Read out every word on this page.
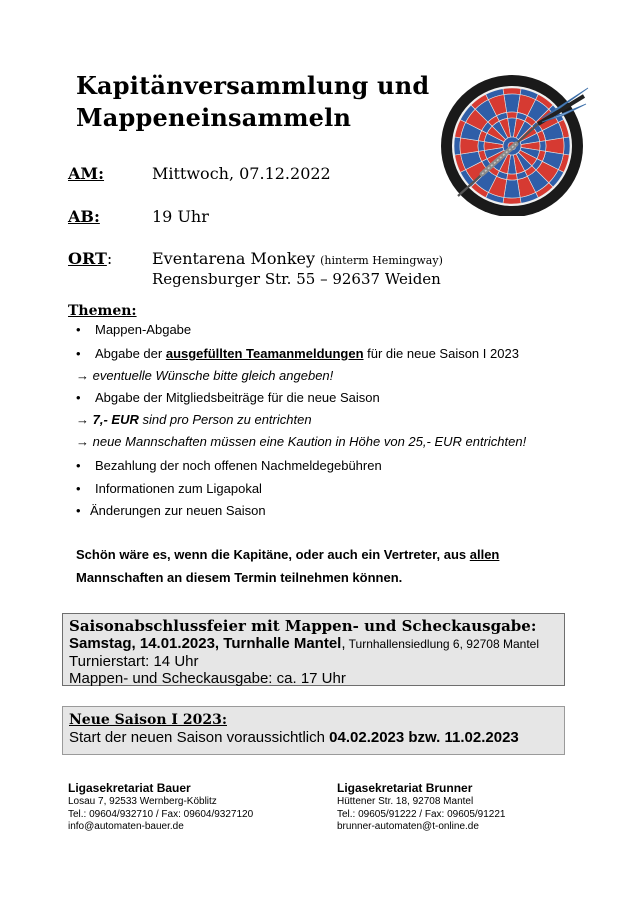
Kapitänversammlung und
Mappeneinsammeln
AM:	Mittwoch, 07.12.2022
AB:	19 Uhr
ORT: Eventarena Monkey (hinterm Hemingway)
Regensburger Str. 55 – 92637 Weiden
Themen:
• Mappen-Abgabe
• Abgabe der ausgefüllten Teamanmeldungen für die neue Saison I 2023
→ eventuelle Wünsche bitte gleich angeben!
• Abgabe der Mitgliedsbeiträge für die neue Saison
→ 7,- EUR sind pro Person zu entrichten
→ neue Mannschaften müssen eine Kaution in Höhe von 25,- EUR entrichten!
• Bezahlung der noch offenen Nachmeldegebühren
• Informationen zum Ligapokal
• Änderungen zur neuen Saison
Schön wäre es, wenn die Kapitäne, oder auch ein Vertreter, aus allen
Mannschaften an diesem Termin teilnehmen können.
Saisonabschlussfeier mit Mappen- und Scheckausgabe:
Samstag, 14.01.2023, Turnhalle Mantel, Turnhallensiedlung 6, 92708 Mantel
Turnierstart: 14 Uhr
Mappen- und Scheckausgabe: ca. 17 Uhr
Neue Saison I 2023:
Start der neuen Saison voraussichtlich 04.02.2023 bzw. 11.02.2023
Ligasekretariat Bauer
Losau 7, 92533 Wernberg-Köblitz
Tel.: 09604/932710 / Fax: 09604/9327120
info@automaten-bauer.de
Ligasekretariat Brunner
Hüttener Str. 18, 92708 Mantel
Tel.: 09605/91222 / Fax: 09605/91221
brunner-automaten@t-online.de
